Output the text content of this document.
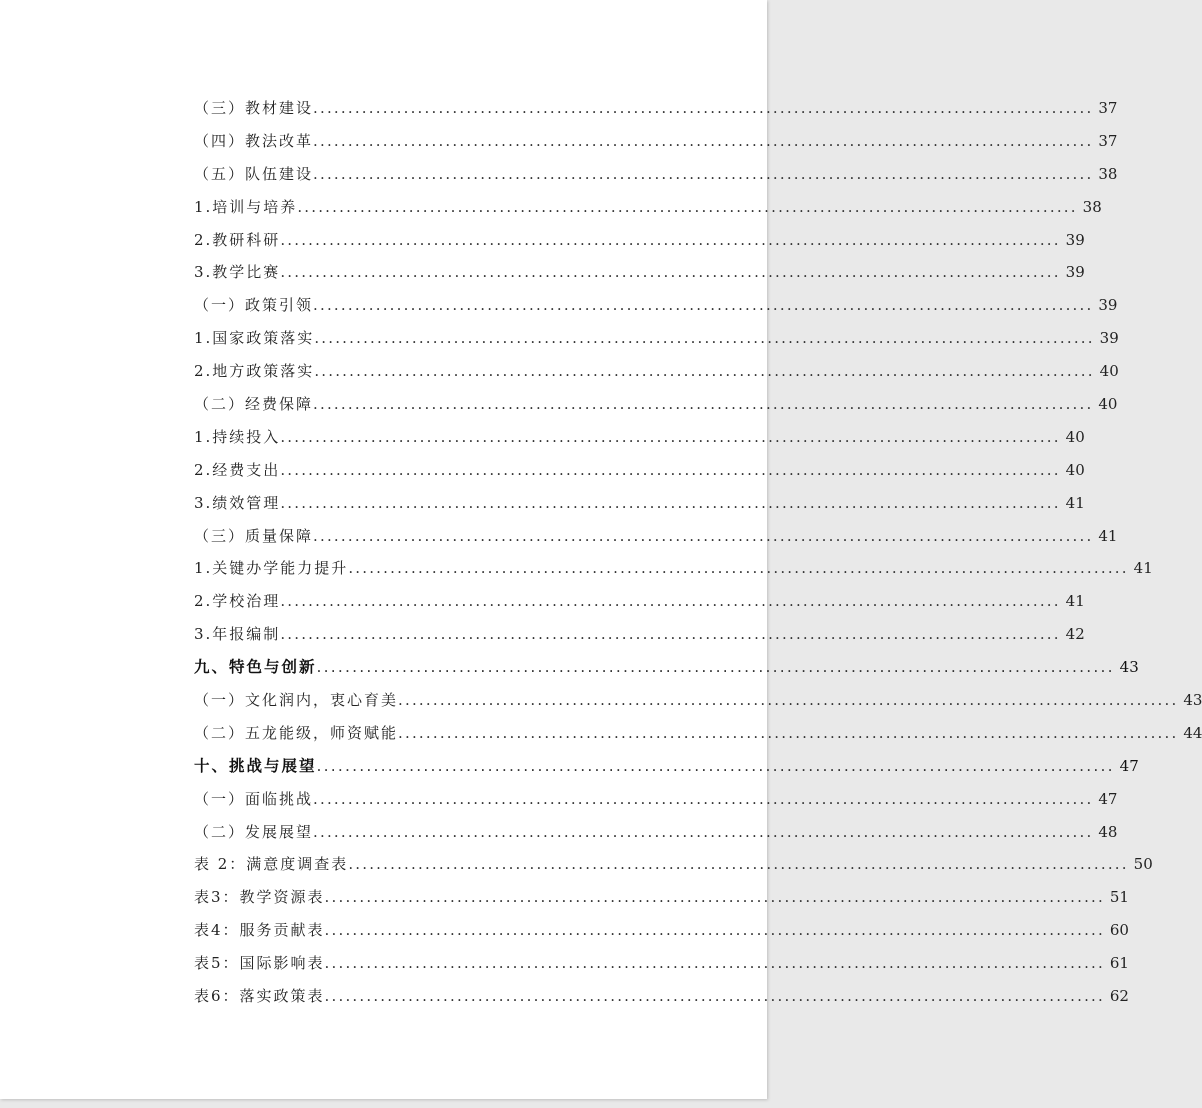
（三）教材建设 ................................................................................................................ 37
（四）教法改革 ................................................................................................................ 37
（五）队伍建设 ................................................................................................................ 38
1.培训与培养 ................................................................................................................ 38
2.教研科研 ................................................................................................................ 39
3.教学比赛 ................................................................................................................ 39
（一）政策引领 ................................................................................................................ 39
1.国家政策落实 ................................................................................................................ 39
2.地方政策落实 ................................................................................................................ 40
（二）经费保障 ................................................................................................................ 40
1.持续投入 ................................................................................................................ 40
2.经费支出 ................................................................................................................ 40
3.绩效管理 ................................................................................................................ 41
（三）质量保障 ................................................................................................................ 41
1.关键办学能力提升 ................................................................................................................ 41
2.学校治理 ................................................................................................................ 41
3.年报编制 ................................................................................................................ 42
九、特色与创新 ................................................................................................................ 43
（一）文化润内，衷心育美 ................................................................................................................ 43
（二）五龙能级，师资赋能 ................................................................................................................ 44
十、挑战与展望 ................................................................................................................ 47
（一）面临挑战 ................................................................................................................ 47
（二）发展展望 ................................................................................................................ 48
表 2：满意度调查表 ................................................................................................................ 50
表3：教学资源表 ................................................................................................................ 51
表4：服务贡献表 ................................................................................................................ 60
表5：国际影响表 ................................................................................................................ 61
表6：落实政策表 ................................................................................................................ 62
